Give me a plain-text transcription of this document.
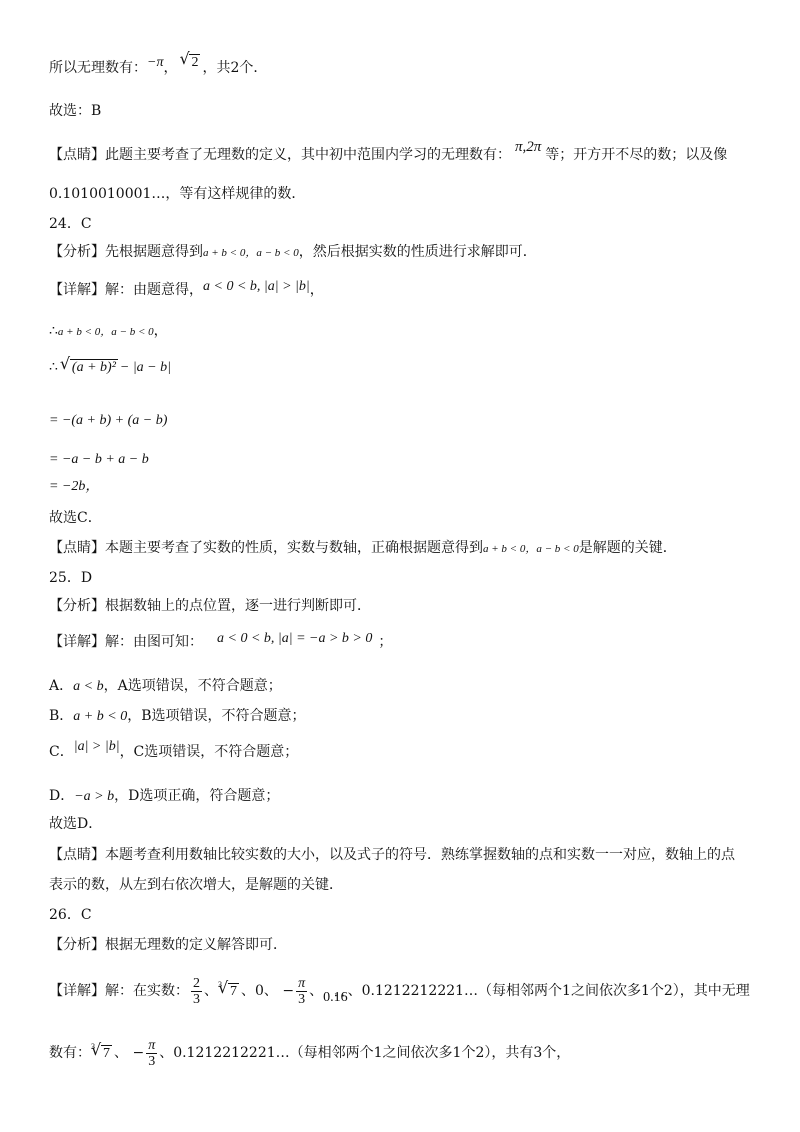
所以无理数有：−π， √ 2 ，共2个．
故选：B
【点睛】此题主要考查了无理数的定义，其中初中范围内学习的无理数有： π,2π 等；开方开不尽的数；以及像
0.1010010001…，等有这样规律的数．
24．C
【分析】先根据题意得到a + b < 0，a − b < 0，然后根据实数的性质进行求解即可．
【详解】解：由题意得，a < 0 < b, |a| > |b|，
∴a + b < 0，a − b < 0，
∴ √ (a + b)² − |a − b|
= −(a + b) + (a − b)
= −a − b + a − b
= −2b，
故选C．
【点睛】本题主要考查了实数的性质，实数与数轴，正确根据题意得到a + b < 0，a − b < 0是解题的关键．
25．D
【分析】根据数轴上的点位置，逐一进行判断即可．
【详解】解：由图可知： a < 0 < b, |a| = −a > b > 0 ；
A．a < b，A选项错误，不符合题意；
B．a + b < 0，B选项错误，不符合题意；
C．|a| > |b|，C选项错误，不符合题意；
D．−a > b，D选项正确，符合题意；
故选D．
【点睛】本题考查利用数轴比较实数的大小，以及式子的符号．熟练掌握数轴的点和实数一一对应，数轴上的点
表示的数，从左到右依次增大，是解题的关键．
26．C
【分析】根据无理数的定义解答即可．
【详解】解：在实数： $\frac{2}{3}$ 、$^3$ √ 7 、0、 − $\frac{\pi}{3}$ 、0.• 1• 6、0.1212212221…（每相邻两个1之间依次多1个2），其中无理
数有：$^3$ √ 7 、 − $\frac{\pi}{3}$ 、0.1212212221…（每相邻两个1之间依次多1个2），共有3个，
